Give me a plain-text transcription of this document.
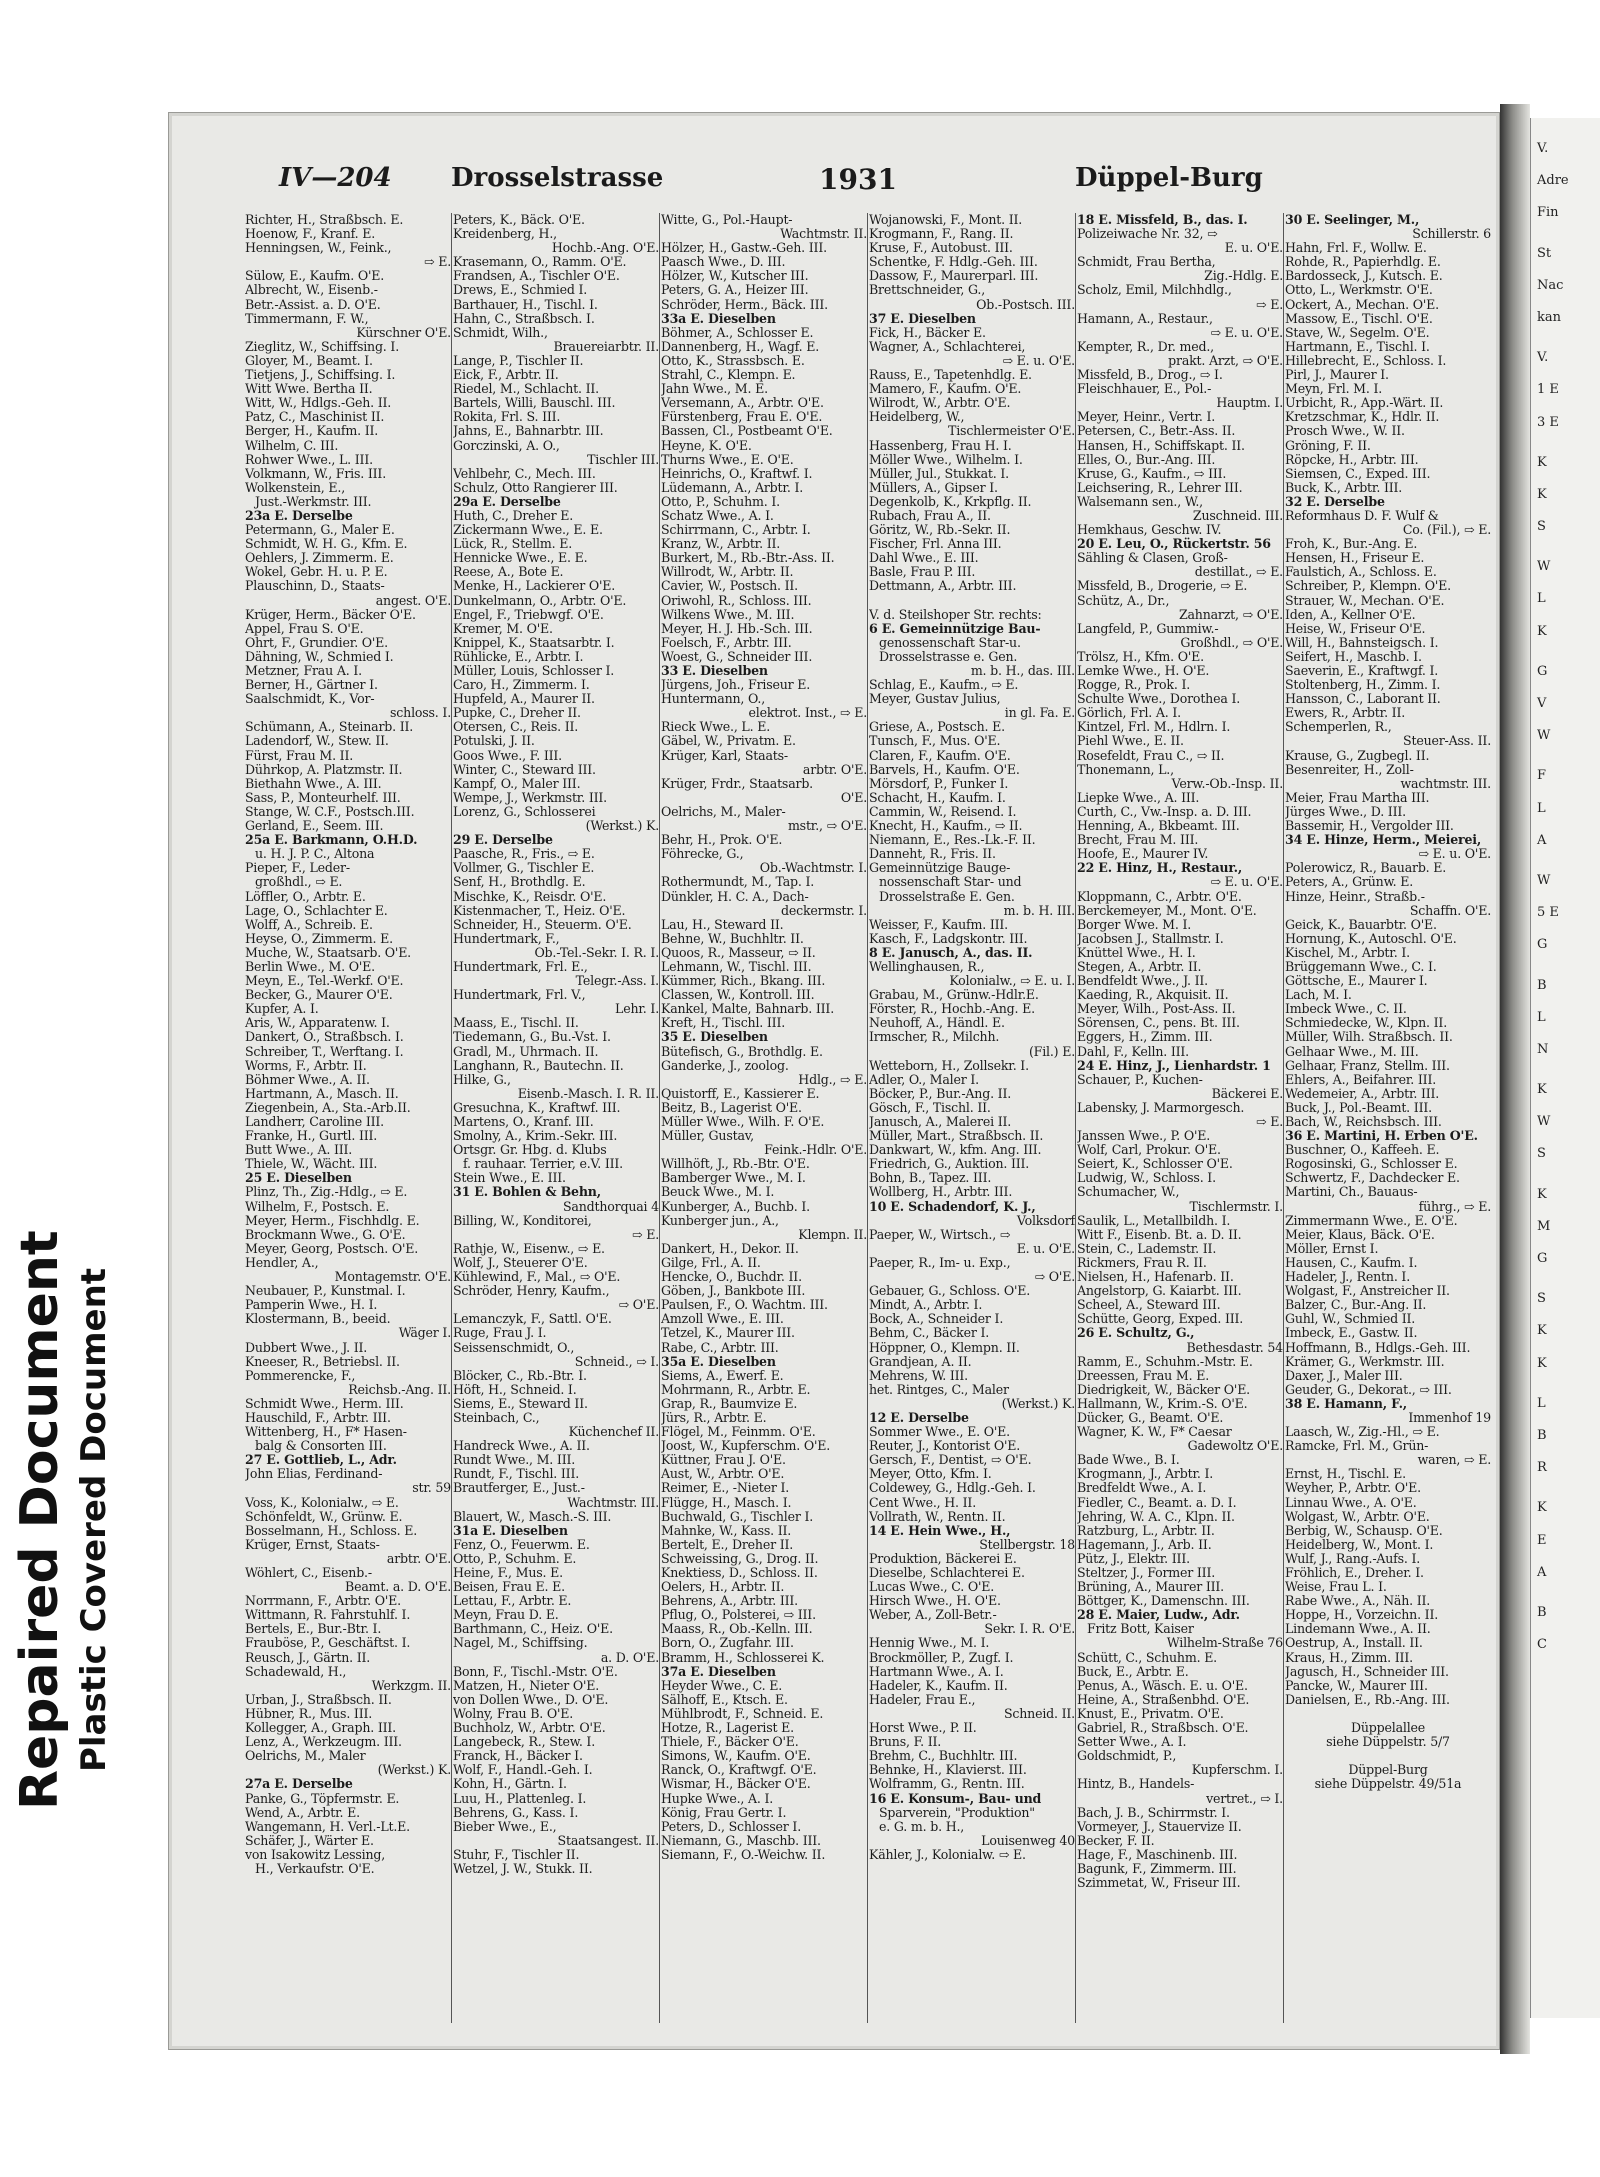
Repaired Document Plastic Covered Document
IV—204 Drosselstrasse	1931	Düppel-Burg
Richter, H., Straßbsch. E.
Hoenow, F., Kranf. E.
Henningsen, W., Feink.,
⇨ E.
Sülow, E., Kaufm. O'E.
Albrecht, W., Eisenb.-
Betr.-Assist. a. D. O'E.
Timmermann, F. W.,
Kürschner O'E.
Zieglitz, W., Schiffsing. I.
Gloyer, M., Beamt. I.
Tietjens, J., Schiffsing. I.
Witt Wwe. Bertha II.
Witt, W., Hdlgs.-Geh. II.
Patz, C., Maschinist II.
Berger, H., Kaufm. II.
Wilhelm, C. III.
Rohwer Wwe., L. III.
Volkmann, W., Fris. III.
Wolkenstein, E.,
Just.-Werkmstr. III.
23a E. Derselbe
Petermann, G., Maler E.
Schmidt, W. H. G., Kfm. E.
Oehlers, J. Zimmerm. E.
Wokel, Gebr. H. u. P. E.
Plauschinn, D., Staats-
angest. O'E.
Krüger, Herm., Bäcker O'E.
Appel, Frau S. O'E.
Ohrt, F., Grundier. O'E.
Dähning, W., Schmied I.
Metzner, Frau A. I.
Berner, H., Gärtner I.
Saalschmidt, K., Vor-
schloss. I.
Schümann, A., Steinarb. II.
Ladendorf, W., Stew. II.
Fürst, Frau M. II.
Dührkop, A. Platzmstr. II.
Biethahn Wwe., A. III.
Sass, P., Monteurhelf. III.
Stange, W. C.F., Postsch.III.
Gerland, E., Seem. III.
25a E. Barkmann, O.H.D.
u. H. J. P. C., Altona
Pieper, F., Leder-
großhdl., ⇨ E.
Löffler, O., Arbtr. E.
Lage, O., Schlachter E.
Wolff, A., Schreib. E.
Heyse, O., Zimmerm. E.
Muche, W., Staatsarb. O'E.
Berlin Wwe., M. O'E.
Meyn, E., Tel.-Werkf. O'E.
Becker, G., Maurer O'E.
Kupfer, A. I.
Aris, W., Apparatenw. I.
Dankert, O., Straßbsch. I.
Schreiber, T., Werftang. I.
Worms, F., Arbtr. II.
Böhmer Wwe., A. II.
Hartmann, A., Masch. II.
Ziegenbein, A., Sta.-Arb.II.
Landherr, Caroline III.
Franke, H., Gurtl. III.
Butt Wwe., A. III.
Thiele, W., Wächt. III.
25 E. Dieselben
Plinz, Th., Zig.-Hdlg., ⇨ E.
Wilhelm, F., Postsch. E.
Meyer, Herm., Fischhdlg. E.
Brockmann Wwe., G. O'E.
Meyer, Georg, Postsch. O'E.
Hendler, A.,
Montagemstr. O'E.
Neubauer, P., Kunstmal. I.
Pamperin Wwe., H. I.
Klostermann, B., beeid.
Wäger I.
Dubbert Wwe., J. II.
Kneeser, R., Betriebsl. II.
Pommerencke, F.,
Reichsb.-Ang. II.
Schmidt Wwe., Herm. III.
Hauschild, F., Arbtr. III.
Wittenberg, H., F* Hasen-
balg & Consorten III.
27 E. Gottlieb, L., Adr.
John Elias, Ferdinand-
str. 59
Voss, K., Kolonialw., ⇨ E.
Schönfeldt, W., Grünw. E.
Bosselmann, H., Schloss. E.
Krüger, Ernst, Staats-
arbtr. O'E.
Wöhlert, C., Eisenb.-
Beamt. a. D. O'E.
Norrmann, F., Arbtr. O'E.
Wittmann, R. Fahrstuhlf. I.
Bertels, E., Bur.-Btr. I.
Frauböse, P., Geschäftst. I.
Reusch, J., Gärtn. II.
Schadewald, H.,
Werkzgm. II.
Urban, J., Straßbsch. II.
Hübner, R., Mus. III.
Kollegger, A., Graph. III.
Lenz, A., Werkzeugm. III.
Oelrichs, M., Maler
(Werkst.) K.
27a E. Derselbe
Panke, G., Töpfermstr. E.
Wend, A., Arbtr. E.
Wangemann, H. Verl.-Lt.E.
Schäfer, J., Wärter E.
von Isakowitz Lessing,
H., Verkaufstr. O'E.
Peters, K., Bäck. O'E.
Kreidenberg, H.,
Hochb.-Ang. O'E.
Krasemann, O., Ramm. O'E.
Frandsen, A., Tischler O'E.
Drews, E., Schmied I.
Barthauer, H., Tischl. I.
Hahn, C., Straßbsch. I.
Schmidt, Wilh.,
Brauereiarbtr. II.
Lange, P., Tischler II.
Eick, F., Arbtr. II.
Riedel, M., Schlacht. II.
Bartels, Willi, Bauschl. III.
Rokita, Frl. S. III.
Jahns, E., Bahnarbtr. III.
Gorczinski, A. O.,
Tischler III.
Vehlbehr, C., Mech. III.
Schulz, Otto Rangierer III.
29a E. Derselbe
Huth, C., Dreher E.
Zickermann Wwe., E. E.
Lück, R., Stellm. E.
Hennicke Wwe., E. E.
Reese, A., Bote E.
Menke, H., Lackierer O'E.
Dunkelmann, O., Arbtr. O'E.
Engel, F., Triebwgf. O'E.
Kremer, M. O'E.
Knippel, K., Staatsarbtr. I.
Rühlicke, E., Arbtr. I.
Müller, Louis, Schlosser I.
Caro, H., Zimmerm. I.
Hupfeld, A., Maurer II.
Pupke, C., Dreher II.
Otersen, C., Reis. II.
Potulski, J. II.
Goos Wwe., F. III.
Winter, C., Steward III.
Kampf, O., Maler III.
Wempe, J., Werkmstr. III.
Lorenz, G., Schlosserei
(Werkst.) K.
29 E. Derselbe
Paasche, R., Fris., ⇨ E.
Vollmer, G., Tischler E.
Senf, H., Brothdlg. E.
Mischke, K., Reisdr. O'E.
Kistenmacher, T., Heiz. O'E.
Schneider, H., Steuerm. O'E.
Hundertmark, F.,
Ob.-Tel.-Sekr. I. R. I.
Hundertmark, Frl. E.,
Telegr.-Ass. I.
Hundertmark, Frl. V.,
Lehr. I.
Maass, E., Tischl. II.
Tiedemann, G., Bu.-Vst. I.
Gradl, M., Uhrmach. II.
Langhann, R., Bautechn. II.
Hilke, G.,
Eisenb.-Masch. I. R. II.
Gresuchna, K., Kraftwf. III.
Martens, O., Kranf. III.
Smolny, A., Krim.-Sekr. III.
Ortsgr. Gr. Hbg. d. Klubs
f. rauhaar. Terrier, e.V. III.
Stein Wwe., E. III.
31 E. Bohlen & Behn,
Sandthorquai 4
Billing, W., Konditorei,
⇨ E.
Rathje, W., Eisenw., ⇨ E.
Wolf, J., Steuerer O'E.
Kühlewind, F., Mal., ⇨ O'E.
Schröder, Henry, Kaufm.,
⇨ O'E.
Lemanczyk, F., Sattl. O'E.
Ruge, Frau J. I.
Seissenschmidt, O.,
Schneid., ⇨ I.
Blöcker, C., Rb.-Btr. I.
Höft, H., Schneid. I.
Siems, E., Steward II.
Steinbach, C.,
Küchenchef II.
Handreck Wwe., A. II.
Rundt Wwe., M. III.
Rundt, F., Tischl. III.
Brautferger, E., Just.-
Wachtmstr. III.
Blauert, W., Masch.-S. III.
31a E. Dieselben
Fenz, O., Feuerwm. E.
Otto, P., Schuhm. E.
Heine, F., Mus. E.
Beisen, Frau E. E.
Lettau, F., Arbtr. E.
Meyn, Frau D. E.
Barthmann, C., Heiz. O'E.
Nagel, M., Schiffsing.
a. D. O'E.
Bonn, F., Tischl.-Mstr. O'E.
Matzen, H., Nieter O'E.
von Dollen Wwe., D. O'E.
Wolny, Frau B. O'E.
Buchholz, W., Arbtr. O'E.
Langebeck, R., Stew. I.
Franck, H., Bäcker I.
Wolf, F., Handl.-Geh. I.
Kohn, H., Gärtn. I.
Luu, H., Plattenleg. I.
Behrens, G., Kass. I.
Bieber Wwe., E.,
Staatsangest. II.
Stuhr, F., Tischler II.
Wetzel, J. W., Stukk. II.
Witte, G., Pol.-Haupt-
Wachtmstr. II.
Hölzer, H., Gastw.-Geh. III.
Paasch Wwe., D. III.
Hölzer, W., Kutscher III.
Peters, G. A., Heizer III.
Schröder, Herm., Bäck. III.
33a E. Dieselben
Böhmer, A., Schlosser E.
Dannenberg, H., Wagf. E.
Otto, K., Strassbsch. E.
Strahl, C., Klempn. E.
Jahn Wwe., M. E.
Versemann, A., Arbtr. O'E.
Fürstenberg, Frau E. O'E.
Bassen, Cl., Postbeamt O'E.
Heyne, K. O'E.
Thurns Wwe., E. O'E.
Heinrichs, O., Kraftwf. I.
Lüdemann, A., Arbtr. I.
Otto, P., Schuhm. I.
Schatz Wwe., A. I.
Schirrmann, C., Arbtr. I.
Kranz, W., Arbtr. II.
Burkert, M., Rb.-Btr.-Ass. II.
Willrodt, W., Arbtr. II.
Cavier, W., Postsch. II.
Oriwohl, R., Schloss. III.
Wilkens Wwe., M. III.
Meyer, H. J. Hb.-Sch. III.
Foelsch, F., Arbtr. III.
Woest, G., Schneider III.
33 E. Dieselben
Jürgens, Joh., Friseur E.
Huntermann, O.,
elektrot. Inst., ⇨ E.
Rieck Wwe., L. E.
Gäbel, W., Privatm. E.
Krüger, Karl, Staats-
arbtr. O'E.
Krüger, Frdr., Staatsarb.
O'E.
Oelrichs, M., Maler-
mstr., ⇨ O'E.
Behr, H., Prok. O'E.
Föhrecke, G.,
Ob.-Wachtmstr. I.
Rothermundt, M., Tap. I.
Dünkler, H. C. A., Dach-
deckermstr. I.
Lau, H., Steward II.
Behne, W., Buchhltr. II.
Quoos, R., Masseur, ⇨ II.
Lehmann, W., Tischl. III.
Kümmer, Rich., Bkang. III.
Classen, W., Kontroll. III.
Kankel, Malte, Bahnarb. III.
Kreft, H., Tischl. III.
35 E. Dieselben
Bütefisch, G., Brothdlg. E.
Ganderke, J., zoolog.
Hdlg., ⇨ E.
Quistorff, E., Kassierer E.
Beitz, B., Lagerist O'E.
Müller Wwe., Wilh. F. O'E.
Müller, Gustav,
Feink.-Hdlr. O'E.
Willhöft, J., Rb.-Btr. O'E.
Bamberger Wwe., M. I.
Beuck Wwe., M. I.
Kunberger, A., Buchb. I.
Kunberger jun., A.,
Klempn. II.
Dankert, H., Dekor. II.
Gilge, Frl., A. II.
Hencke, O., Buchdr. II.
Göben, J., Bankbote III.
Paulsen, F., O. Wachtm. III.
Amzoll Wwe., E. III.
Tetzel, K., Maurer III.
Rabe, C., Arbtr. III.
35a E. Dieselben
Siems, A., Ewerf. E.
Mohrmann, R., Arbtr. E.
Grap, R., Baumvize E.
Jürs, R., Arbtr. E.
Flögel, M., Feinmm. O'E.
Joost, W., Kupferschm. O'E.
Küttner, Frau J. O'E.
Aust, W., Arbtr. O'E.
Reimer, E., -Nieter I.
Flügge, H., Masch. I.
Buchwald, G., Tischler I.
Mahnke, W., Kass. II.
Bertelt, E., Dreher II.
Schweissing, G., Drog. II.
Knektiess, D., Schloss. II.
Oelers, H., Arbtr. II.
Behrens, A., Arbtr. III.
Pflug, O., Polsterei, ⇨ III.
Maass, R., Ob.-Kelln. III.
Born, O., Zugfahr. III.
Bramm, H., Schlosserei K.
37a E. Dieselben
Heyder Wwe., C. E.
Sälhoff, E., Ktsch. E.
Mühlbrodt, F., Schneid. E.
Hotze, R., Lagerist E.
Thiele, F., Bäcker O'E.
Simons, W., Kaufm. O'E.
Ranck, O., Kraftwgf. O'E.
Wismar, H., Bäcker O'E.
Hupke Wwe., A. I.
König, Frau Gertr. I.
Peters, D., Schlosser I.
Niemann, G., Maschb. III.
Siemann, F., O.-Weichw. II.
Wojanowski, F., Mont. II.
Krogmann, F., Rang. II.
Kruse, F., Autobust. III.
Schentke, F. Hdlg.-Geh. III.
Dassow, F., Maurerparl. III.
Brettschneider, G.,
Ob.-Postsch. III.
37 E. Dieselben
Fick, H., Bäcker E.
Wagner, A., Schlachterei,
⇨ E. u. O'E.
Rauss, E., Tapetenhdlg. E.
Mamero, F., Kaufm. O'E.
Wilrodt, W., Arbtr. O'E.
Heidelberg, W.,
Tischlermeister O'E.
Hassenberg, Frau H. I.
Möller Wwe., Wilhelm. I.
Müller, Jul., Stukkat. I.
Müllers, A., Gipser I.
Degenkolb, K., Krkpflg. II.
Rubach, Frau A., II.
Göritz, W., Rb.-Sekr. II.
Fischer, Frl. Anna III.
Dahl Wwe., E. III.
Basle, Frau P. III.
Dettmann, A., Arbtr. III.
V. d. Steilshoper Str. rechts:
6 E. Gemeinnützige Bau-
genossenschaft Star-u.
Drosselstrasse e. Gen.
m. b. H., das. III.
Schlag, E., Kaufm., ⇨ E.
Meyer, Gustav Julius,
in gl. Fa. E.
Griese, A., Postsch. E.
Tunsch, F., Mus. O'E.
Claren, F., Kaufm. O'E.
Barvels, H., Kaufm. O'E.
Mörsdorf, P., Funker I.
Schacht, H., Kaufm. I.
Cammin, W., Reisend. I.
Knecht, H., Kaufm., ⇨ II.
Niemann, E., Res.-Lk.-F. II.
Danneht, R., Fris. II.
Gemeinnützige Bauge-
nossenschaft Star- und
Drosselstraße E. Gen.
m. b. H. III.
Weisser, F., Kaufm. III.
Kasch, F., Ladgskontr. III.
8 E. Janusch, A., das. II.
Wellinghausen, R.,
Kolonialw., ⇨ E. u. I.
Grabau, M., Grünw.-Hdlr.E.
Förster, R., Hochb.-Ang. E.
Neuhoff, A., Händl. E.
Irmscher, R., Milchh.
(Fil.) E.
Wetteborn, H., Zollsekr. I.
Adler, O., Maler I.
Böcker, P., Bur.-Ang. II.
Gösch, F., Tischl. II.
Janusch, A., Malerei II.
Müller, Mart., Straßbsch. II.
Dankwart, W., kfm. Ang. III.
Friedrich, G., Auktion. III.
Bohn, B., Tapez. III.
Wollberg, H., Arbtr. III.
10 E. Schadendorf, K. J.,
Volksdorf
Paeper, W., Wirtsch., ⇨
E. u. O'E.
Paeper, R., Im- u. Exp.,
⇨ O'E.
Gebauer, G., Schloss. O'E.
Mindt, A., Arbtr. I.
Bock, A., Schneider I.
Behm, C., Bäcker I.
Höppner, O., Klempn. II.
Grandjean, A. II.
Mehrens, W. III.
het. Rintges, C., Maler
(Werkst.) K.
12 E. Derselbe
Sommer Wwe., E. O'E.
Reuter, J., Kontorist O'E.
Gersch, F., Dentist, ⇨ O'E.
Meyer, Otto, Kfm. I.
Coldewey, G., Hdlg.-Geh. I.
Cent Wwe., H. II.
Vollrath, W., Rentn. II.
14 E. Hein Wwe., H.,
Stellbergstr. 18
Produktion, Bäckerei E.
Dieselbe, Schlachterei E.
Lucas Wwe., C. O'E.
Hirsch Wwe., H. O'E.
Weber, A., Zoll-Betr.-
Sekr. I. R. O'E.
Hennig Wwe., M. I.
Brockmöller, P., Zugf. I.
Hartmann Wwe., A. I.
Hadeler, K., Kaufm. II.
Hadeler, Frau E.,
Schneid. II.
Horst Wwe., P. II.
Bruns, F. II.
Brehm, C., Buchhltr. III.
Behnke, H., Klavierst. III.
Wolframm, G., Rentn. III.
16 E. Konsum-, Bau- und
Sparverein, "Produktion"
e. G. m. b. H.,
Louisenweg 40
Kähler, J., Kolonialw. ⇨ E.
18 E. Missfeld, B., das. I.
Polizeiwache Nr. 32, ⇨
E. u. O'E.
Schmidt, Frau Bertha,
Zig.-Hdlg. E.
Scholz, Emil, Milchhdlg.,
⇨ E.
Hamann, A., Restaur.,
⇨ E. u. O'E.
Kempter, R., Dr. med.,
prakt. Arzt, ⇨ O'E.
Missfeld, B., Drog., ⇨ I.
Fleischhauer, E., Pol.-
Hauptm. I.
Meyer, Heinr., Vertr. I.
Petersen, C., Betr.-Ass. II.
Hansen, H., Schiffskapt. II.
Elles, O., Bur.-Ang. III.
Kruse, G., Kaufm., ⇨ III.
Leichsering, R., Lehrer III.
Walsemann sen., W.,
Zuschneid. III.
Hemkhaus, Geschw. IV.
20 E. Leu, O., Rückertstr. 56
Sähling & Clasen, Groß-
destillat., ⇨ E.
Missfeld, B., Drogerie, ⇨ E.
Schütz, A., Dr.,
Zahnarzt, ⇨ O'E.
Langfeld, P., Gummiw.-
Großhdl., ⇨ O'E.
Trölsz, H., Kfm. O'E.
Lemke Wwe., H. O'E.
Rogge, R., Prok. I.
Schulte Wwe., Dorothea I.
Görlich, Frl. A. I.
Kintzel, Frl. M., Hdlrn. I.
Piehl Wwe., E. II.
Rosefeldt, Frau C., ⇨ II.
Thonemann, L.,
Verw.-Ob.-Insp. II.
Liepke Wwe., A. III.
Curth, C., Vw.-Insp. a. D. III.
Henning, A., Bkbeamt. III.
Brecht, Frau M. III.
Hoofe, E., Maurer IV.
22 E. Hinz, H., Restaur.,
⇨ E. u. O'E.
Kloppmann, C., Arbtr. O'E.
Berckemeyer, M., Mont. O'E.
Borger Wwe. M. I.
Jacobsen J., Stallmstr. I.
Knüttel Wwe., H. I.
Stegen, A., Arbtr. II.
Bendfeldt Wwe., J. II.
Kaeding, R., Akquisit. II.
Meyer, Wilh., Post-Ass. II.
Sörensen, C., pens. Bt. III.
Eggers, H., Zimm. III.
Dahl, F., Kelln. III.
24 E. Hinz, J., Lienhardstr. 1
Schauer, P., Kuchen-
Bäckerei E.
Labensky, J. Marmorgesch.
⇨ E.
Janssen Wwe., P. O'E.
Wolf, Carl, Prokur. O'E.
Seiert, K., Schlosser O'E.
Ludwig, W., Schloss. I.
Schumacher, W.,
Tischlermstr. I.
Saulik, L., Metallbildh. I.
Witt F., Eisenb. Bt. a. D. II.
Stein, C., Lademstr. II.
Rickmers, Frau R. II.
Nielsen, H., Hafenarb. II.
Angelstorp, G. Kaiarbt. III.
Scheel, A., Steward III.
Schütte, Georg, Exped. III.
26 E. Schultz, G.,
Bethesdastr. 54
Ramm, E., Schuhm.-Mstr. E.
Dreessen, Frau M. E.
Diedrigkeit, W., Bäcker O'E.
Hallmann, W., Krim.-S. O'E.
Dücker, G., Beamt. O'E.
Wagner, K. W., F* Caesar
Gadewoltz O'E.
Bade Wwe., B. I.
Krogmann, J., Arbtr. I.
Bredfeldt Wwe., A. I.
Fiedler, C., Beamt. a. D. I.
Jehring, W. A. C., Klpn. II.
Ratzburg, L., Arbtr. II.
Hagemann, J., Arb. II.
Pütz, J., Elektr. III.
Steltzer, J., Former III.
Brüning, A., Maurer III.
Böttger, K., Damenschn. III.
28 E. Maier, Ludw., Adr.
Fritz Bott, Kaiser
Wilhelm-Straße 76
Schütt, C., Schuhm. E.
Buck, E., Arbtr. E.
Penus, A., Wäsch. E. u. O'E.
Heine, A., Straßenbhd. O'E.
Knust, E., Privatm. O'E.
Gabriel, R., Straßbsch. O'E.
Setter Wwe., A. I.
Goldschmidt, P.,
Kupferschm. I.
Hintz, B., Handels-
vertret., ⇨ I.
Bach, J. B., Schirrmstr. I.
Vormeyer, J., Stauervize II.
Becker, F. II.
Hage, F., Maschinenb. III.
Bagunk, F., Zimmerm. III.
Szimmetat, W., Friseur III.
30 E. Seelinger, M.,
Schillerstr. 6
Hahn, Frl. F., Wollw. E.
Rohde, R., Papierhdlg. E.
Bardosseck, J., Kutsch. E.
Otto, L., Werkmstr. O'E.
Ockert, A., Mechan. O'E.
Massow, E., Tischl. O'E.
Stave, W., Segelm. O'E.
Hartmann, E., Tischl. I.
Hillebrecht, E., Schloss. I.
Pirl, J., Maurer I.
Meyn, Frl. M. I.
Urbicht, R., App.-Wärt. II.
Kretzschmar, K., Hdlr. II.
Prosch Wwe., W. II.
Gröning, F. II.
Röpcke, H., Arbtr. III.
Siemsen, C., Exped. III.
Buck, K., Arbtr. III.
32 E. Derselbe
Reformhaus D. F. Wulf &
Co. (Fil.), ⇨ E.
Froh, K., Bur.-Ang. E.
Hensen, H., Friseur E.
Faulstich, A., Schloss. E.
Schreiber, P., Klempn. O'E.
Strauer, W., Mechan. O'E.
Iden, A., Kellner O'E.
Heise, W., Friseur O'E.
Will, H., Bahnsteigsch. I.
Seifert, H., Maschb. I.
Saeverin, E., Kraftwgf. I.
Stoltenberg, H., Zimm. I.
Hansson, C., Laborant II.
Ewers, R., Arbtr. II.
Schemperlen, R.,
Steuer-Ass. II.
Krause, G., Zugbegl. II.
Besenreiter, H., Zoll-
wachtmstr. III.
Meier, Frau Martha III.
Jürges Wwe., D. III.
Bassemir, H., Vergolder III.
34 E. Hinze, Herm., Meierei,
⇨ E. u. O'E.
Polerowicz, R., Bauarb. E.
Peters, A., Grünw. E.
Hinze, Heinr., Straßb.-
Schaffn. O'E.
Geick, K., Bauarbtr. O'E.
Hornung, K., Autoschl. O'E.
Kischel, M., Arbtr. I.
Brüggemann Wwe., C. I.
Göttsche, E., Maurer I.
Lach, M. I.
Imbeck Wwe., C. II.
Schmiedecke, W., Klpn. II.
Müller, Wilh. Straßbsch. II.
Gelhaar Wwe., M. III.
Gelhaar, Franz, Stellm. III.
Ehlers, A., Beifahrer. III.
Wedemeier, A., Arbtr. III.
Buck, J., Pol.-Beamt. III.
Bach, W., Reichsbsch. III.
36 E. Martini, H. Erben O'E.
Buschner, O., Kaffeeh. E.
Rogosinski, G., Schlosser E.
Schwertz, F., Dachdecker E.
Martini, Ch., Bauaus-
führg., ⇨ E.
Zimmermann Wwe., E. O'E.
Meier, Klaus, Bäck. O'E.
Möller, Ernst I.
Hausen, C., Kaufm. I.
Hadeler, J., Rentn. I.
Wolgast, F., Anstreicher II.
Balzer, C., Bur.-Ang. II.
Guhl, W., Schmied II.
Imbeck, E., Gastw. II.
Hoffmann, B., Hdlgs.-Geh. III.
Krämer, G., Werkmstr. III.
Daxer, J., Maler III.
Geuder, G., Dekorat., ⇨ III.
38 E. Hamann, F.,
Immenhof 19
Laasch, W., Zig.-Hl., ⇨ E.
Ramcke, Frl. M., Grün-
waren, ⇨ E.
Ernst, H., Tischl. E.
Weyher, P., Arbtr. O'E.
Linnau Wwe., A. O'E.
Wolgast, W., Arbtr. O'E.
Berbig, W., Schausp. O'E.
Heidelberg, W., Mont. I.
Wulf, J., Rang.-Aufs. I.
Fröhlich, E., Dreher. I.
Weise, Frau L. I.
Rabe Wwe., A., Näh. II.
Hoppe, H., Vorzeichn. II.
Lindemann Wwe., A. II.
Oestrup, A., Install. II.
Kraus, H., Zimm. III.
Jagusch, H., Schneider III.
Pancke, W., Maurer III.
Danielsen, E., Rb.-Ang. III.
Düppelallee
siehe Düppelstr. 5/7
Düppel-Burg
siehe Düppelstr. 49/51a
V.
Adre
Fin
St
Nac
kan
V.
1 E
3 E
K
K
S
W
L
K
G
V
W
F
L
A
W
5 E
G
B
L
N
K
W
S
K
M
G
S
K
K
L
B
R
K
E
A
B
C
